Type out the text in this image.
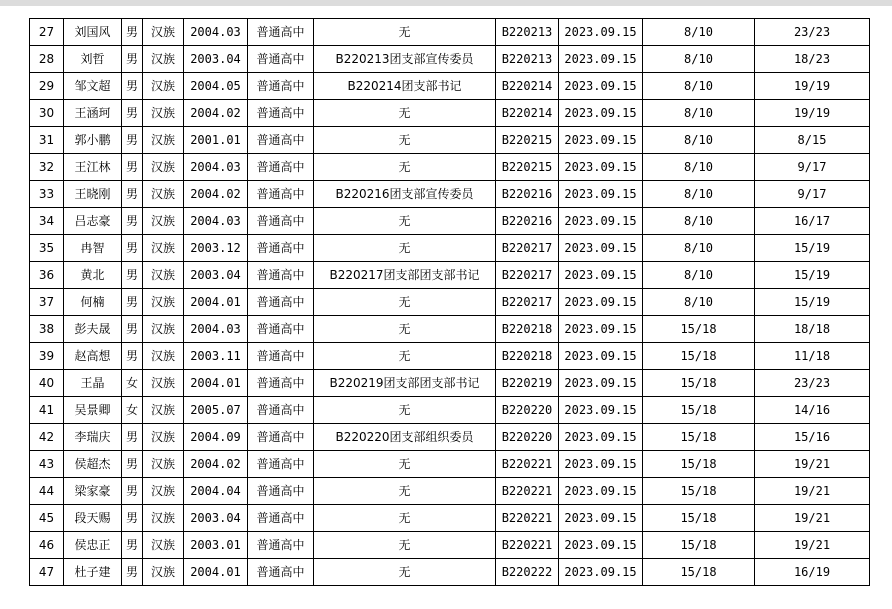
27	刘国风	男	汉族	2004.03	普通高中	无	B220213	2023.09.15	8/10	23/23
28	刘哲	男	汉族	2003.04	普通高中	B220213团支部宣传委员	B220213	2023.09.15	8/10	18/23
29	邹文超	男	汉族	2004.05	普通高中	B220214团支部书记	B220214	2023.09.15	8/10	19/19
30	王涵珂	男	汉族	2004.02	普通高中	无	B220214	2023.09.15	8/10	19/19
31	郭小鹏	男	汉族	2001.01	普通高中	无	B220215	2023.09.15	8/10	8/15
32	王江林	男	汉族	2004.03	普通高中	无	B220215	2023.09.15	8/10	9/17
33	王晓刚	男	汉族	2004.02	普通高中	B220216团支部宣传委员	B220216	2023.09.15	8/10	9/17
34	吕志豪	男	汉族	2004.03	普通高中	无	B220216	2023.09.15	8/10	16/17
35	冉智	男	汉族	2003.12	普通高中	无	B220217	2023.09.15	8/10	15/19
36	黄北	男	汉族	2003.04	普通高中	B220217团支部团支部书记	B220217	2023.09.15	8/10	15/19
37	何楠	男	汉族	2004.01	普通高中	无	B220217	2023.09.15	8/10	15/19
38	彭夫晟	男	汉族	2004.03	普通高中	无	B220218	2023.09.15	15/18	18/18
39	赵高想	男	汉族	2003.11	普通高中	无	B220218	2023.09.15	15/18	11/18
40	王晶	女	汉族	2004.01	普通高中	B220219团支部团支部书记	B220219	2023.09.15	15/18	23/23
41	吴景卿	女	汉族	2005.07	普通高中	无	B220220	2023.09.15	15/18	14/16
42	李瑞庆	男	汉族	2004.09	普通高中	B220220团支部组织委员	B220220	2023.09.15	15/18	15/16
43	侯超杰	男	汉族	2004.02	普通高中	无	B220221	2023.09.15	15/18	19/21
44	梁家豪	男	汉族	2004.04	普通高中	无	B220221	2023.09.15	15/18	19/21
45	段天赐	男	汉族	2003.04	普通高中	无	B220221	2023.09.15	15/18	19/21
46	侯忠正	男	汉族	2003.01	普通高中	无	B220221	2023.09.15	15/18	19/21
47	杜子建	男	汉族	2004.01	普通高中	无	B220222	2023.09.15	15/18	16/19
